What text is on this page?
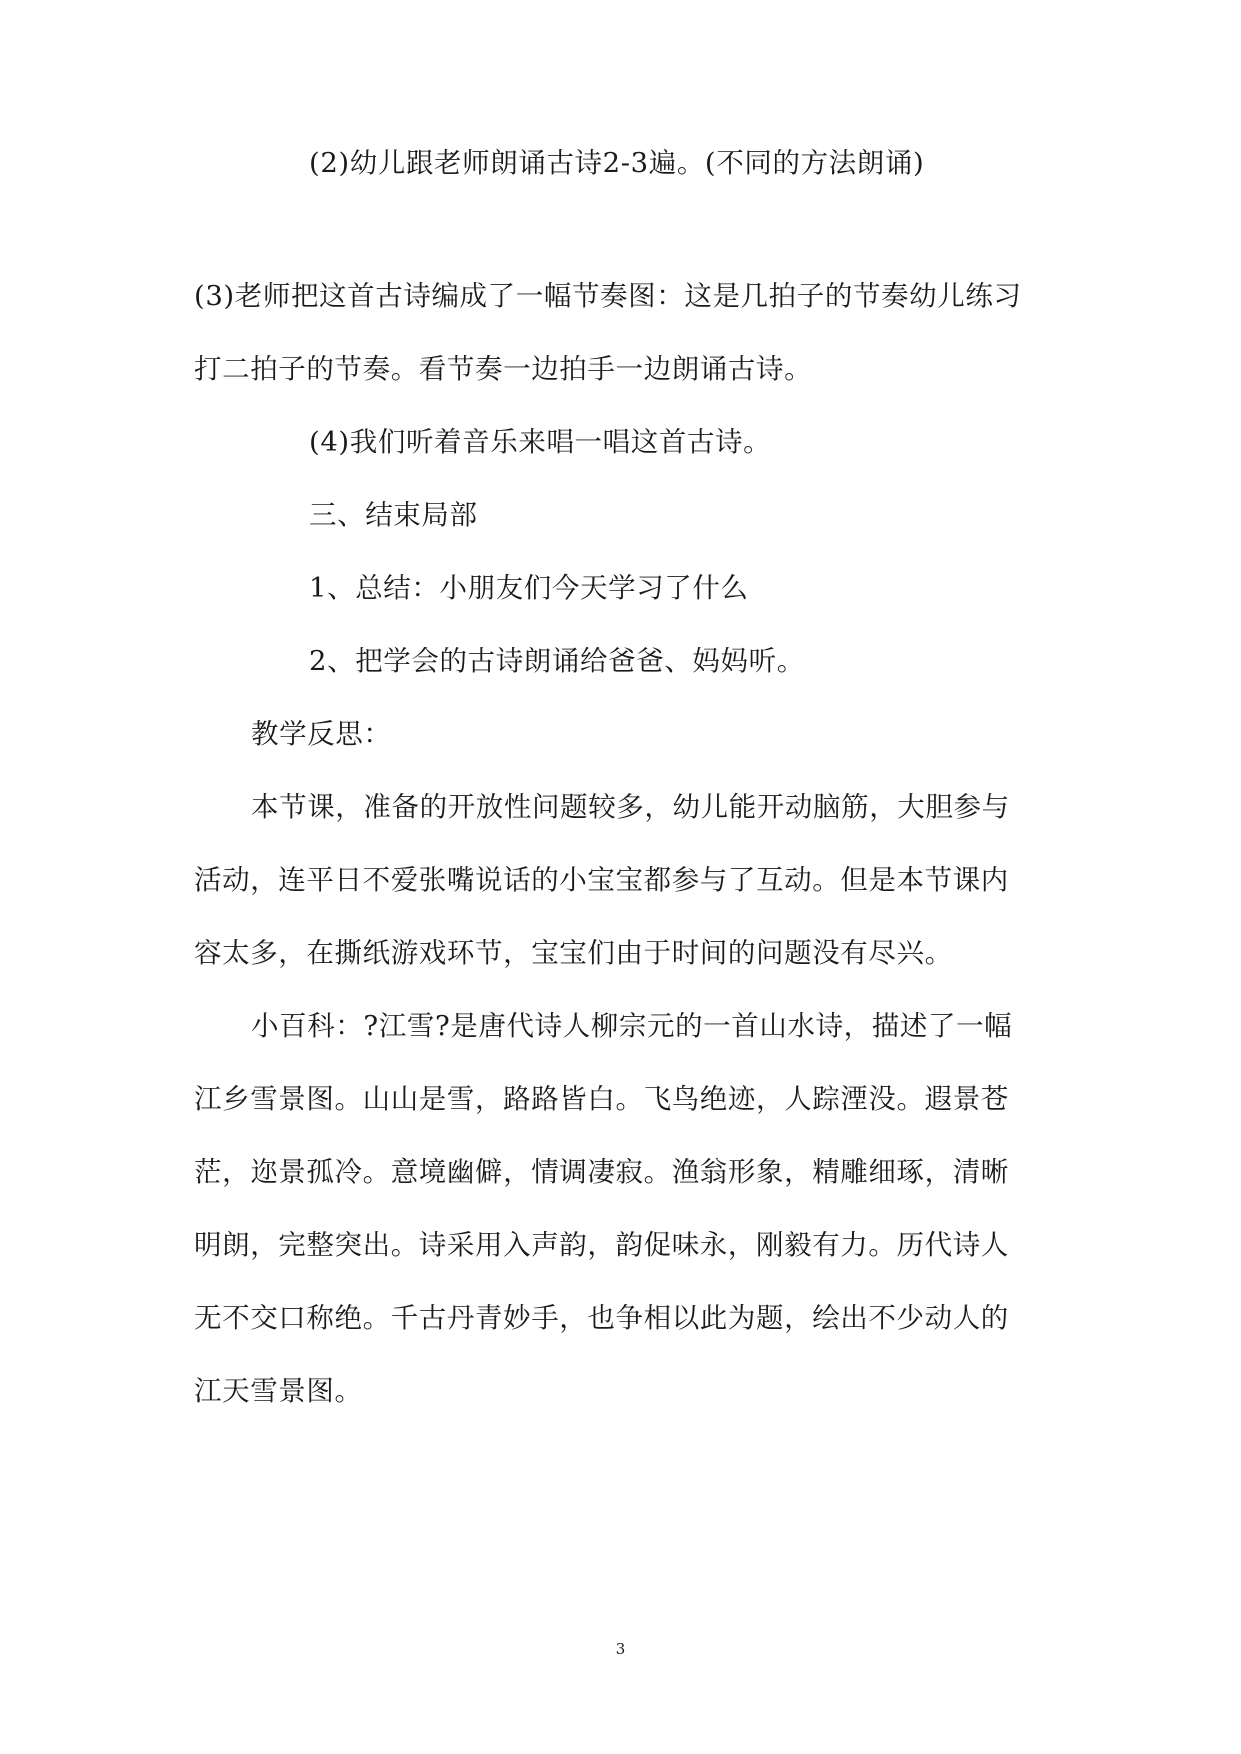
(2)幼儿跟老师朗诵古诗2-3遍。(不同的方法朗诵)

(3)老师把这首古诗编成了一幅节奏图：这是几拍子的节奏幼儿练习

打二拍子的节奏。看节奏一边拍手一边朗诵古诗。

(4)我们听着音乐来唱一唱这首古诗。

三、结束局部

1、总结：小朋友们今天学习了什么

2、把学会的古诗朗诵给爸爸、妈妈听。

教学反思：

本节课，准备的开放性问题较多，幼儿能开动脑筋，大胆参与

活动，连平日不爱张嘴说话的小宝宝都参与了互动。但是本节课内

容太多，在撕纸游戏环节，宝宝们由于时间的问题没有尽兴。

小百科：?江雪?是唐代诗人柳宗元的一首山水诗，描述了一幅

江乡雪景图。山山是雪，路路皆白。飞鸟绝迹，人踪湮没。遐景苍

茫，迩景孤冷。意境幽僻，情调凄寂。渔翁形象，精雕细琢，清晰

明朗，完整突出。诗采用入声韵，韵促味永，刚毅有力。历代诗人

无不交口称绝。千古丹青妙手，也争相以此为题，绘出不少动人的

江天雪景图。

3
